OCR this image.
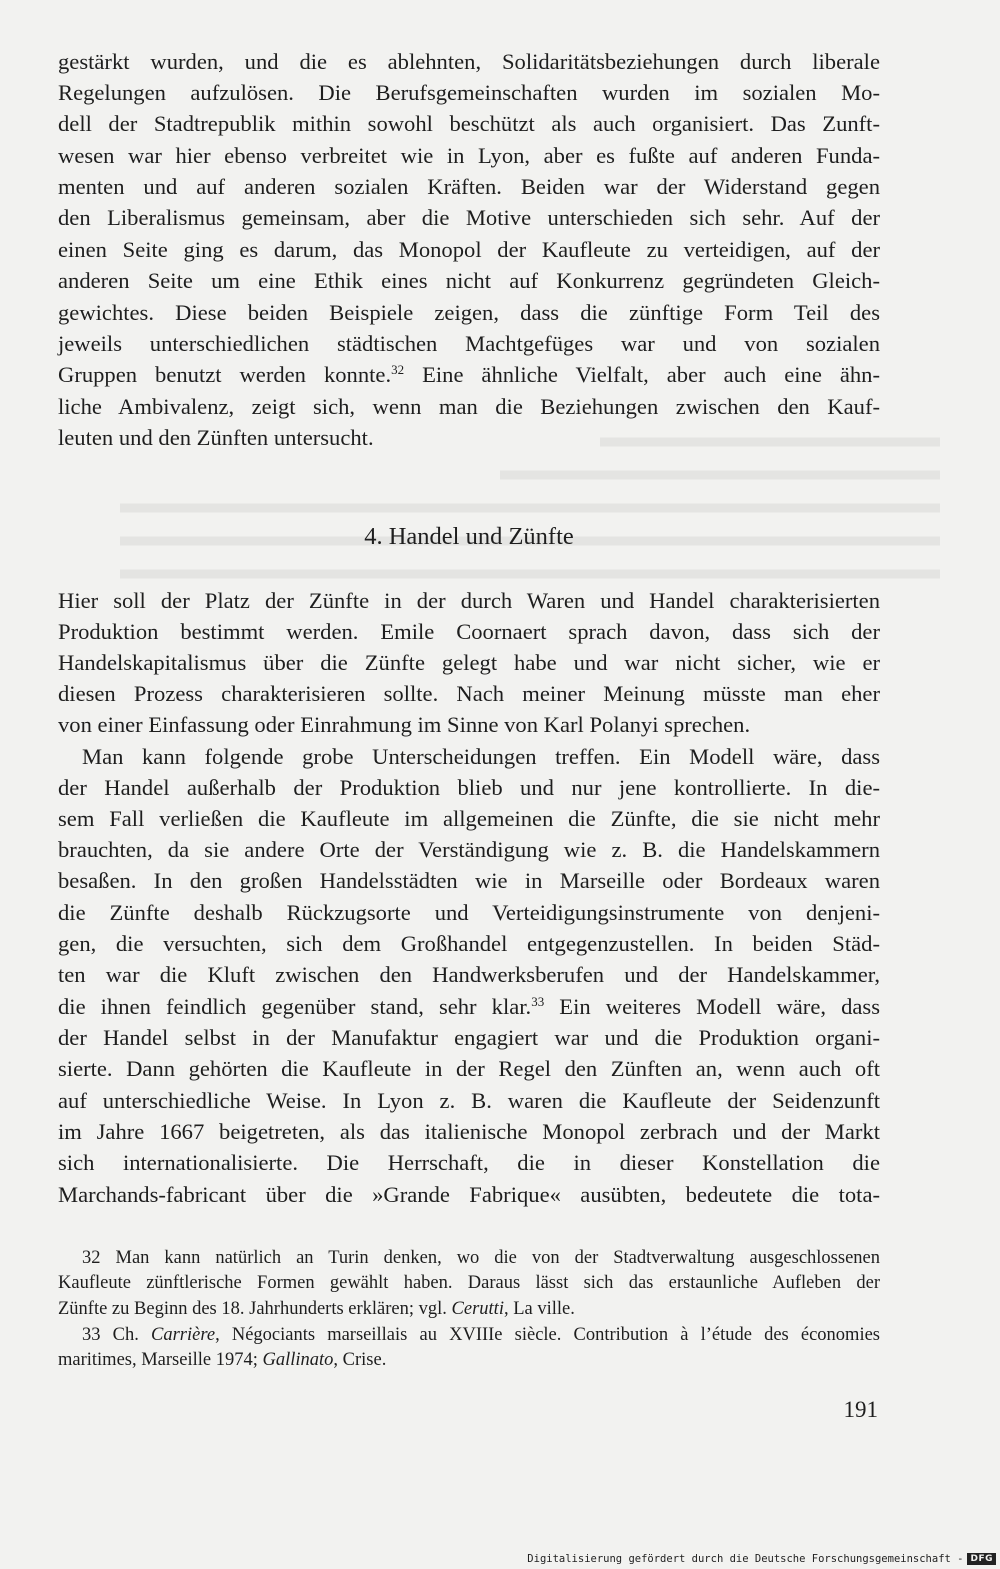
gestärkt wurden, und die es ablehnten, Solidaritätsbeziehungen durch liberale
Regelungen aufzulösen. Die Berufsgemeinschaften wurden im sozialen Mo-
dell der Stadtrepublik mithin sowohl beschützt als auch organisiert. Das Zunft-
wesen war hier ebenso verbreitet wie in Lyon, aber es fußte auf anderen Funda-
menten und auf anderen sozialen Kräften. Beiden war der Widerstand gegen
den Liberalismus gemeinsam, aber die Motive unterschieden sich sehr. Auf der
einen Seite ging es darum, das Monopol der Kaufleute zu verteidigen, auf der
anderen Seite um eine Ethik eines nicht auf Konkurrenz gegründeten Gleich-
gewichtes. Diese beiden Beispiele zeigen, dass die zünftige Form Teil des
jeweils unterschiedlichen städtischen Machtgefüges war und von sozialen
Gruppen benutzt werden konnte.$^{32}$ Eine ähnliche Vielfalt, aber auch eine ähn-
liche Ambivalenz, zeigt sich, wenn man die Beziehungen zwischen den Kauf-
leuten und den Zünften untersucht.
4. Handel und Zünfte
Hier soll der Platz der Zünfte in der durch Waren und Handel charakterisierten
Produktion bestimmt werden. Emile Coornaert sprach davon, dass sich der
Handelskapitalismus über die Zünfte gelegt habe und war nicht sicher, wie er
diesen Prozess charakterisieren sollte. Nach meiner Meinung müsste man eher
von einer Einfassung oder Einrahmung im Sinne von Karl Polanyi sprechen.
Man kann folgende grobe Unterscheidungen treffen. Ein Modell wäre, dass
der Handel außerhalb der Produktion blieb und nur jene kontrollierte. In die-
sem Fall verließen die Kaufleute im allgemeinen die Zünfte, die sie nicht mehr
brauchten, da sie andere Orte der Verständigung wie z. B. die Handelskammern
besaßen. In den großen Handelsstädten wie in Marseille oder Bordeaux waren
die Zünfte deshalb Rückzugsorte und Verteidigungsinstrumente von denjeni-
gen, die versuchten, sich dem Großhandel entgegenzustellen. In beiden Städ-
ten war die Kluft zwischen den Handwerksberufen und der Handelskammer,
die ihnen feindlich gegenüber stand, sehr klar.$^{33}$ Ein weiteres Modell wäre, dass
der Handel selbst in der Manufaktur engagiert war und die Produktion organi-
sierte. Dann gehörten die Kaufleute in der Regel den Zünften an, wenn auch oft
auf unterschiedliche Weise. In Lyon z. B. waren die Kaufleute der Seidenzunft
im Jahre 1667 beigetreten, als das italienische Monopol zerbrach und der Markt
sich internationalisierte. Die Herrschaft, die in dieser Konstellation die
Marchands-fabricant über die »Grande Fabrique« ausübten, bedeutete die tota-
32 Man kann natürlich an Turin denken, wo die von der Stadtverwaltung ausgeschlossenen
Kaufleute zünftlerische Formen gewählt haben. Daraus lässt sich das erstaunliche Aufleben der
Zünfte zu Beginn des 18. Jahrhunderts erklären; vgl. Cerutti, La ville.
33 Ch. Carrière, Négociants marseillais au XVIIIe siècle. Contribution à l’étude des économies
maritimes, Marseille 1974; Gallinato, Crise.
191
Digitalisierung gefördert durch die Deutsche Forschungsgemeinschaft - DFG
